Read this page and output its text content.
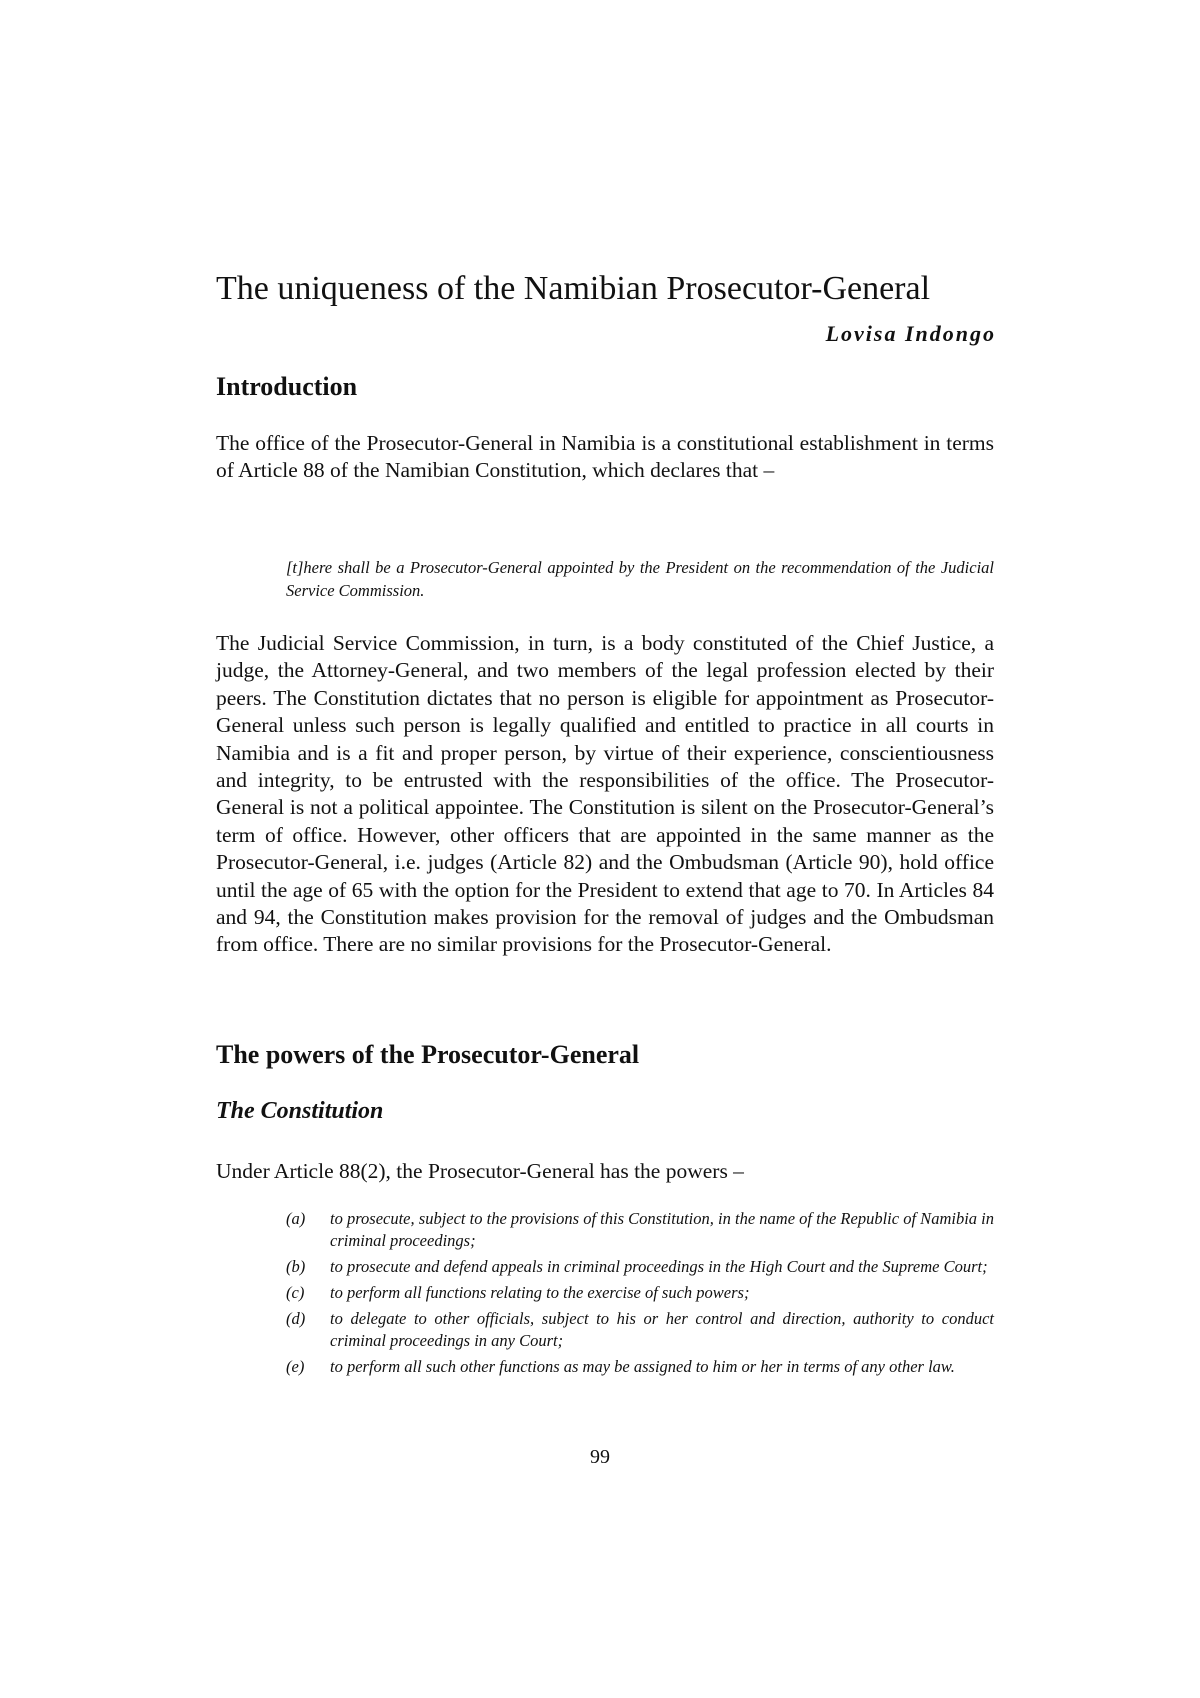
The uniqueness of the Namibian Prosecutor-General

Lovisa Indongo

Introduction

The office of the Prosecutor-General in Namibia is a constitutional establishment in terms of Article 88 of the Namibian Constitution, which declares that –

[t]here shall be a Prosecutor-General appointed by the President on the recommendation of the Judicial Service Commission.

The Judicial Service Commission, in turn, is a body constituted of the Chief Justice, a judge, the Attorney-General, and two members of the legal profession elected by their peers. The Constitution dictates that no person is eligible for appointment as Prosecutor-General unless such person is legally qualified and entitled to practice in all courts in Namibia and is a fit and proper person, by virtue of their experience, conscientiousness and integrity, to be entrusted with the responsibilities of the office. The Prosecutor-General is not a political appointee. The Constitution is silent on the Prosecutor-General’s term of office. However, other officers that are appointed in the same manner as the Prosecutor-General, i.e. judges (Article 82) and the Ombudsman (Article 90), hold office until the age of 65 with the option for the President to extend that age to 70. In Articles 84 and 94, the Constitution makes provision for the removal of judges and the Ombudsman from office. There are no similar provisions for the Prosecutor-General.

The powers of the Prosecutor-General
The Constitution

Under Article 88(2), the Prosecutor-General has the powers –

(a)	to prosecute, subject to the provisions of this Constitution, in the name of the Republic of Namibia in criminal proceedings;
(b)	to prosecute and defend appeals in criminal proceedings in the High Court and the Supreme Court;
(c)	to perform all functions relating to the exercise of such powers;
(d)	to delegate to other officials, subject to his or her control and direction, authority to conduct criminal proceedings in any Court;
(e)	to perform all such other functions as may be assigned to him or her in terms of any other law.

99
